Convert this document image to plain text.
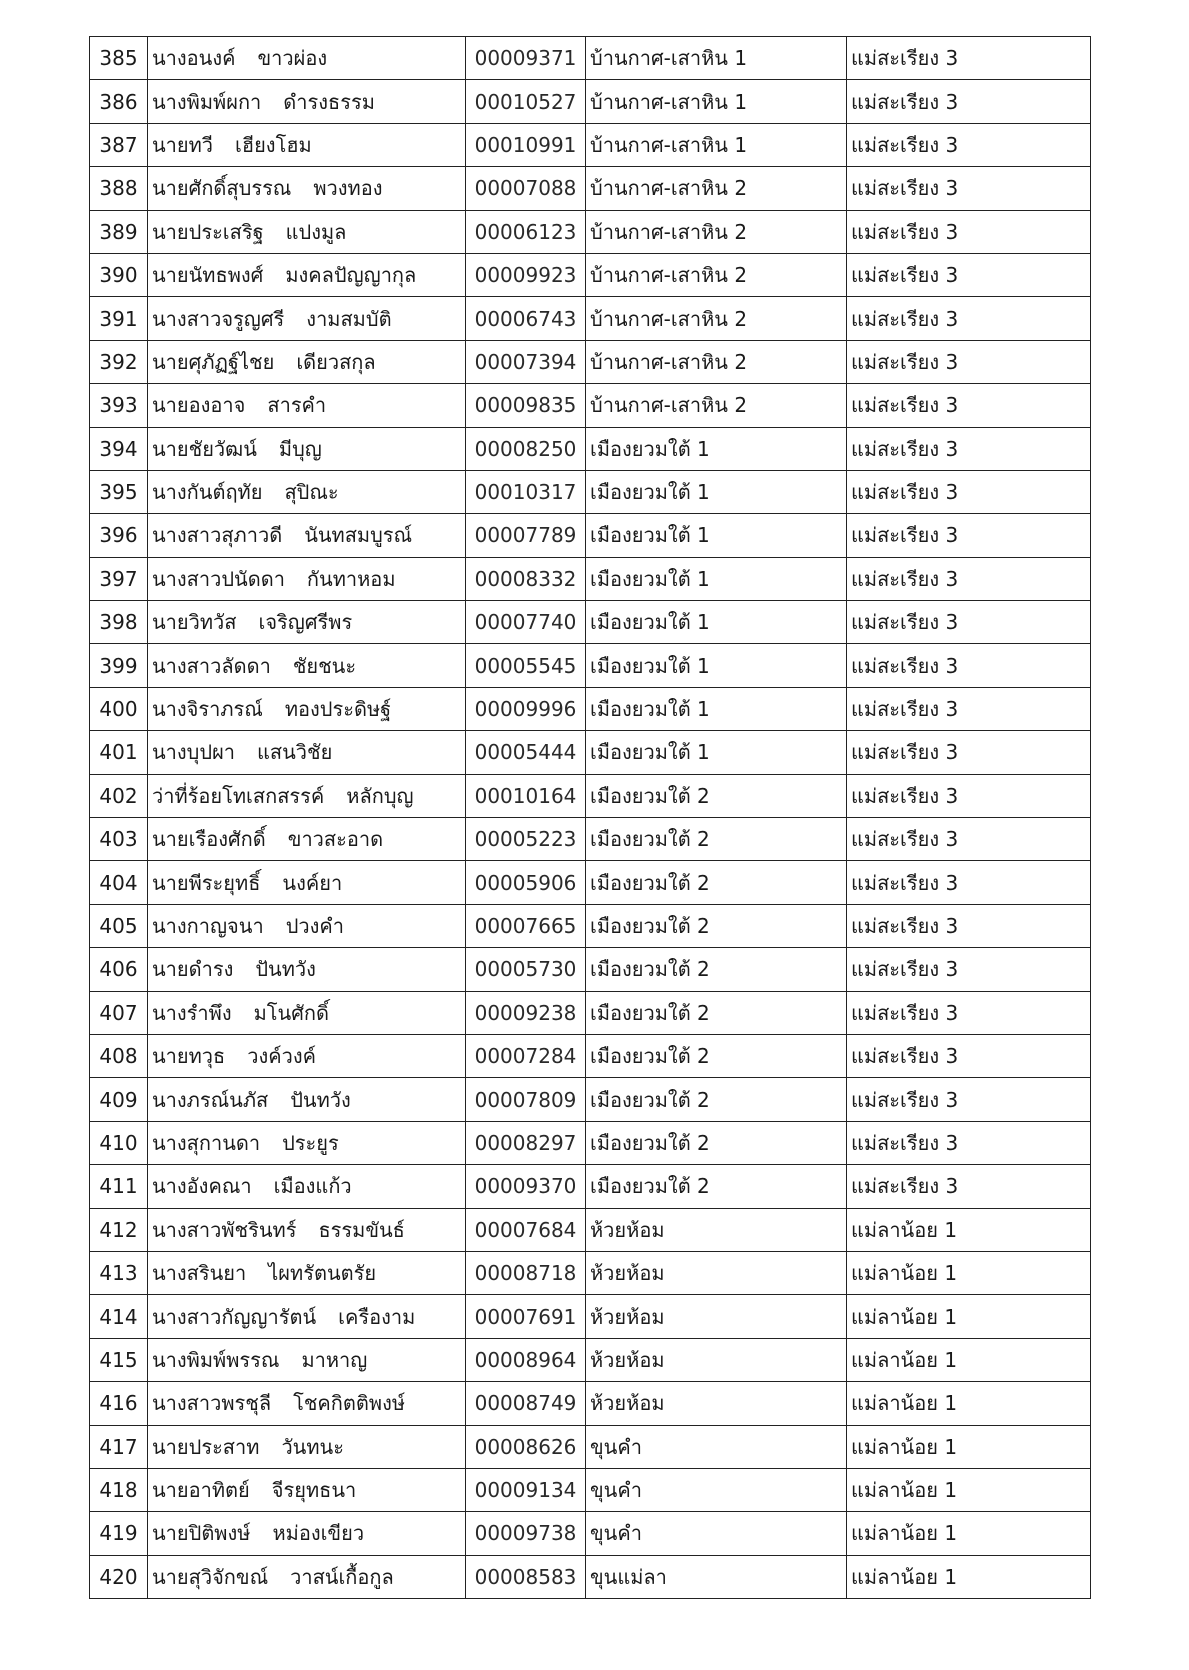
385	นางอนงค์ ขาวผ่อง	00009371	บ้านกาศ-เสาหิน 1	แม่สะเรียง 3
386	นางพิมพ์ผกา ดำรงธรรม	00010527	บ้านกาศ-เสาหิน 1	แม่สะเรียง 3
387	นายทวี เฮียงโฮม	00010991	บ้านกาศ-เสาหิน 1	แม่สะเรียง 3
388	นายศักดิ์สุบรรณ พวงทอง	00007088	บ้านกาศ-เสาหิน 2	แม่สะเรียง 3
389	นายประเสริฐ แปงมูล	00006123	บ้านกาศ-เสาหิน 2	แม่สะเรียง 3
390	นายนัทธพงศ์ มงคลปัญญากุล	00009923	บ้านกาศ-เสาหิน 2	แม่สะเรียง 3
391	นางสาวจรูญศรี งามสมบัติ	00006743	บ้านกาศ-เสาหิน 2	แม่สะเรียง 3
392	นายศุภัฏฐ์ไชย เดียวสกุล	00007394	บ้านกาศ-เสาหิน 2	แม่สะเรียง 3
393	นายองอาจ สารคำ	00009835	บ้านกาศ-เสาหิน 2	แม่สะเรียง 3
394	นายชัยวัฒน์ มีบุญ	00008250	เมืองยวมใต้ 1	แม่สะเรียง 3
395	นางกันต์ฤทัย สุปิณะ	00010317	เมืองยวมใต้ 1	แม่สะเรียง 3
396	นางสาวสุภาวดี นันทสมบูรณ์	00007789	เมืองยวมใต้ 1	แม่สะเรียง 3
397	นางสาวปนัดดา กันทาหอม	00008332	เมืองยวมใต้ 1	แม่สะเรียง 3
398	นายวิทวัส เจริญศรีพร	00007740	เมืองยวมใต้ 1	แม่สะเรียง 3
399	นางสาวลัดดา ชัยชนะ	00005545	เมืองยวมใต้ 1	แม่สะเรียง 3
400	นางจิราภรณ์ ทองประดิษฐ์	00009996	เมืองยวมใต้ 1	แม่สะเรียง 3
401	นางบุปผา แสนวิชัย	00005444	เมืองยวมใต้ 1	แม่สะเรียง 3
402	ว่าที่ร้อยโทเสกสรรค์ หลักบุญ	00010164	เมืองยวมใต้ 2	แม่สะเรียง 3
403	นายเรืองศักดิ์ ขาวสะอาด	00005223	เมืองยวมใต้ 2	แม่สะเรียง 3
404	นายพีระยุทธิ์ นงค์ยา	00005906	เมืองยวมใต้ 2	แม่สะเรียง 3
405	นางกาญจนา ปวงคำ	00007665	เมืองยวมใต้ 2	แม่สะเรียง 3
406	นายดำรง ปันทวัง	00005730	เมืองยวมใต้ 2	แม่สะเรียง 3
407	นางรำพึง มโนศักดิ์	00009238	เมืองยวมใต้ 2	แม่สะเรียง 3
408	นายทวุธ วงค์วงค์	00007284	เมืองยวมใต้ 2	แม่สะเรียง 3
409	นางภรณ์นภัส ปันทวัง	00007809	เมืองยวมใต้ 2	แม่สะเรียง 3
410	นางสุกานดา ประยูร	00008297	เมืองยวมใต้ 2	แม่สะเรียง 3
411	นางอังคณา เมืองแก้ว	00009370	เมืองยวมใต้ 2	แม่สะเรียง 3
412	นางสาวพัชรินทร์ ธรรมขันธ์	00007684	ห้วยห้อม	แม่ลาน้อย 1
413	นางสรินยา ไผทรัตนตรัย	00008718	ห้วยห้อม	แม่ลาน้อย 1
414	นางสาวกัญญารัตน์ เครืองาม	00007691	ห้วยห้อม	แม่ลาน้อย 1
415	นางพิมพ์พรรณ มาหาญ	00008964	ห้วยห้อม	แม่ลาน้อย 1
416	นางสาวพรชุลี โชคกิตติพงษ์	00008749	ห้วยห้อม	แม่ลาน้อย 1
417	นายประสาท วันทนะ	00008626	ขุนคำ	แม่ลาน้อย 1
418	นายอาทิตย์ จีรยุทธนา	00009134	ขุนคำ	แม่ลาน้อย 1
419	นายปิติพงษ์ หม่องเขียว	00009738	ขุนคำ	แม่ลาน้อย 1
420	นายสุวิจักขณ์ วาสน์เกื้อกูล	00008583	ขุนแม่ลา	แม่ลาน้อย 1
